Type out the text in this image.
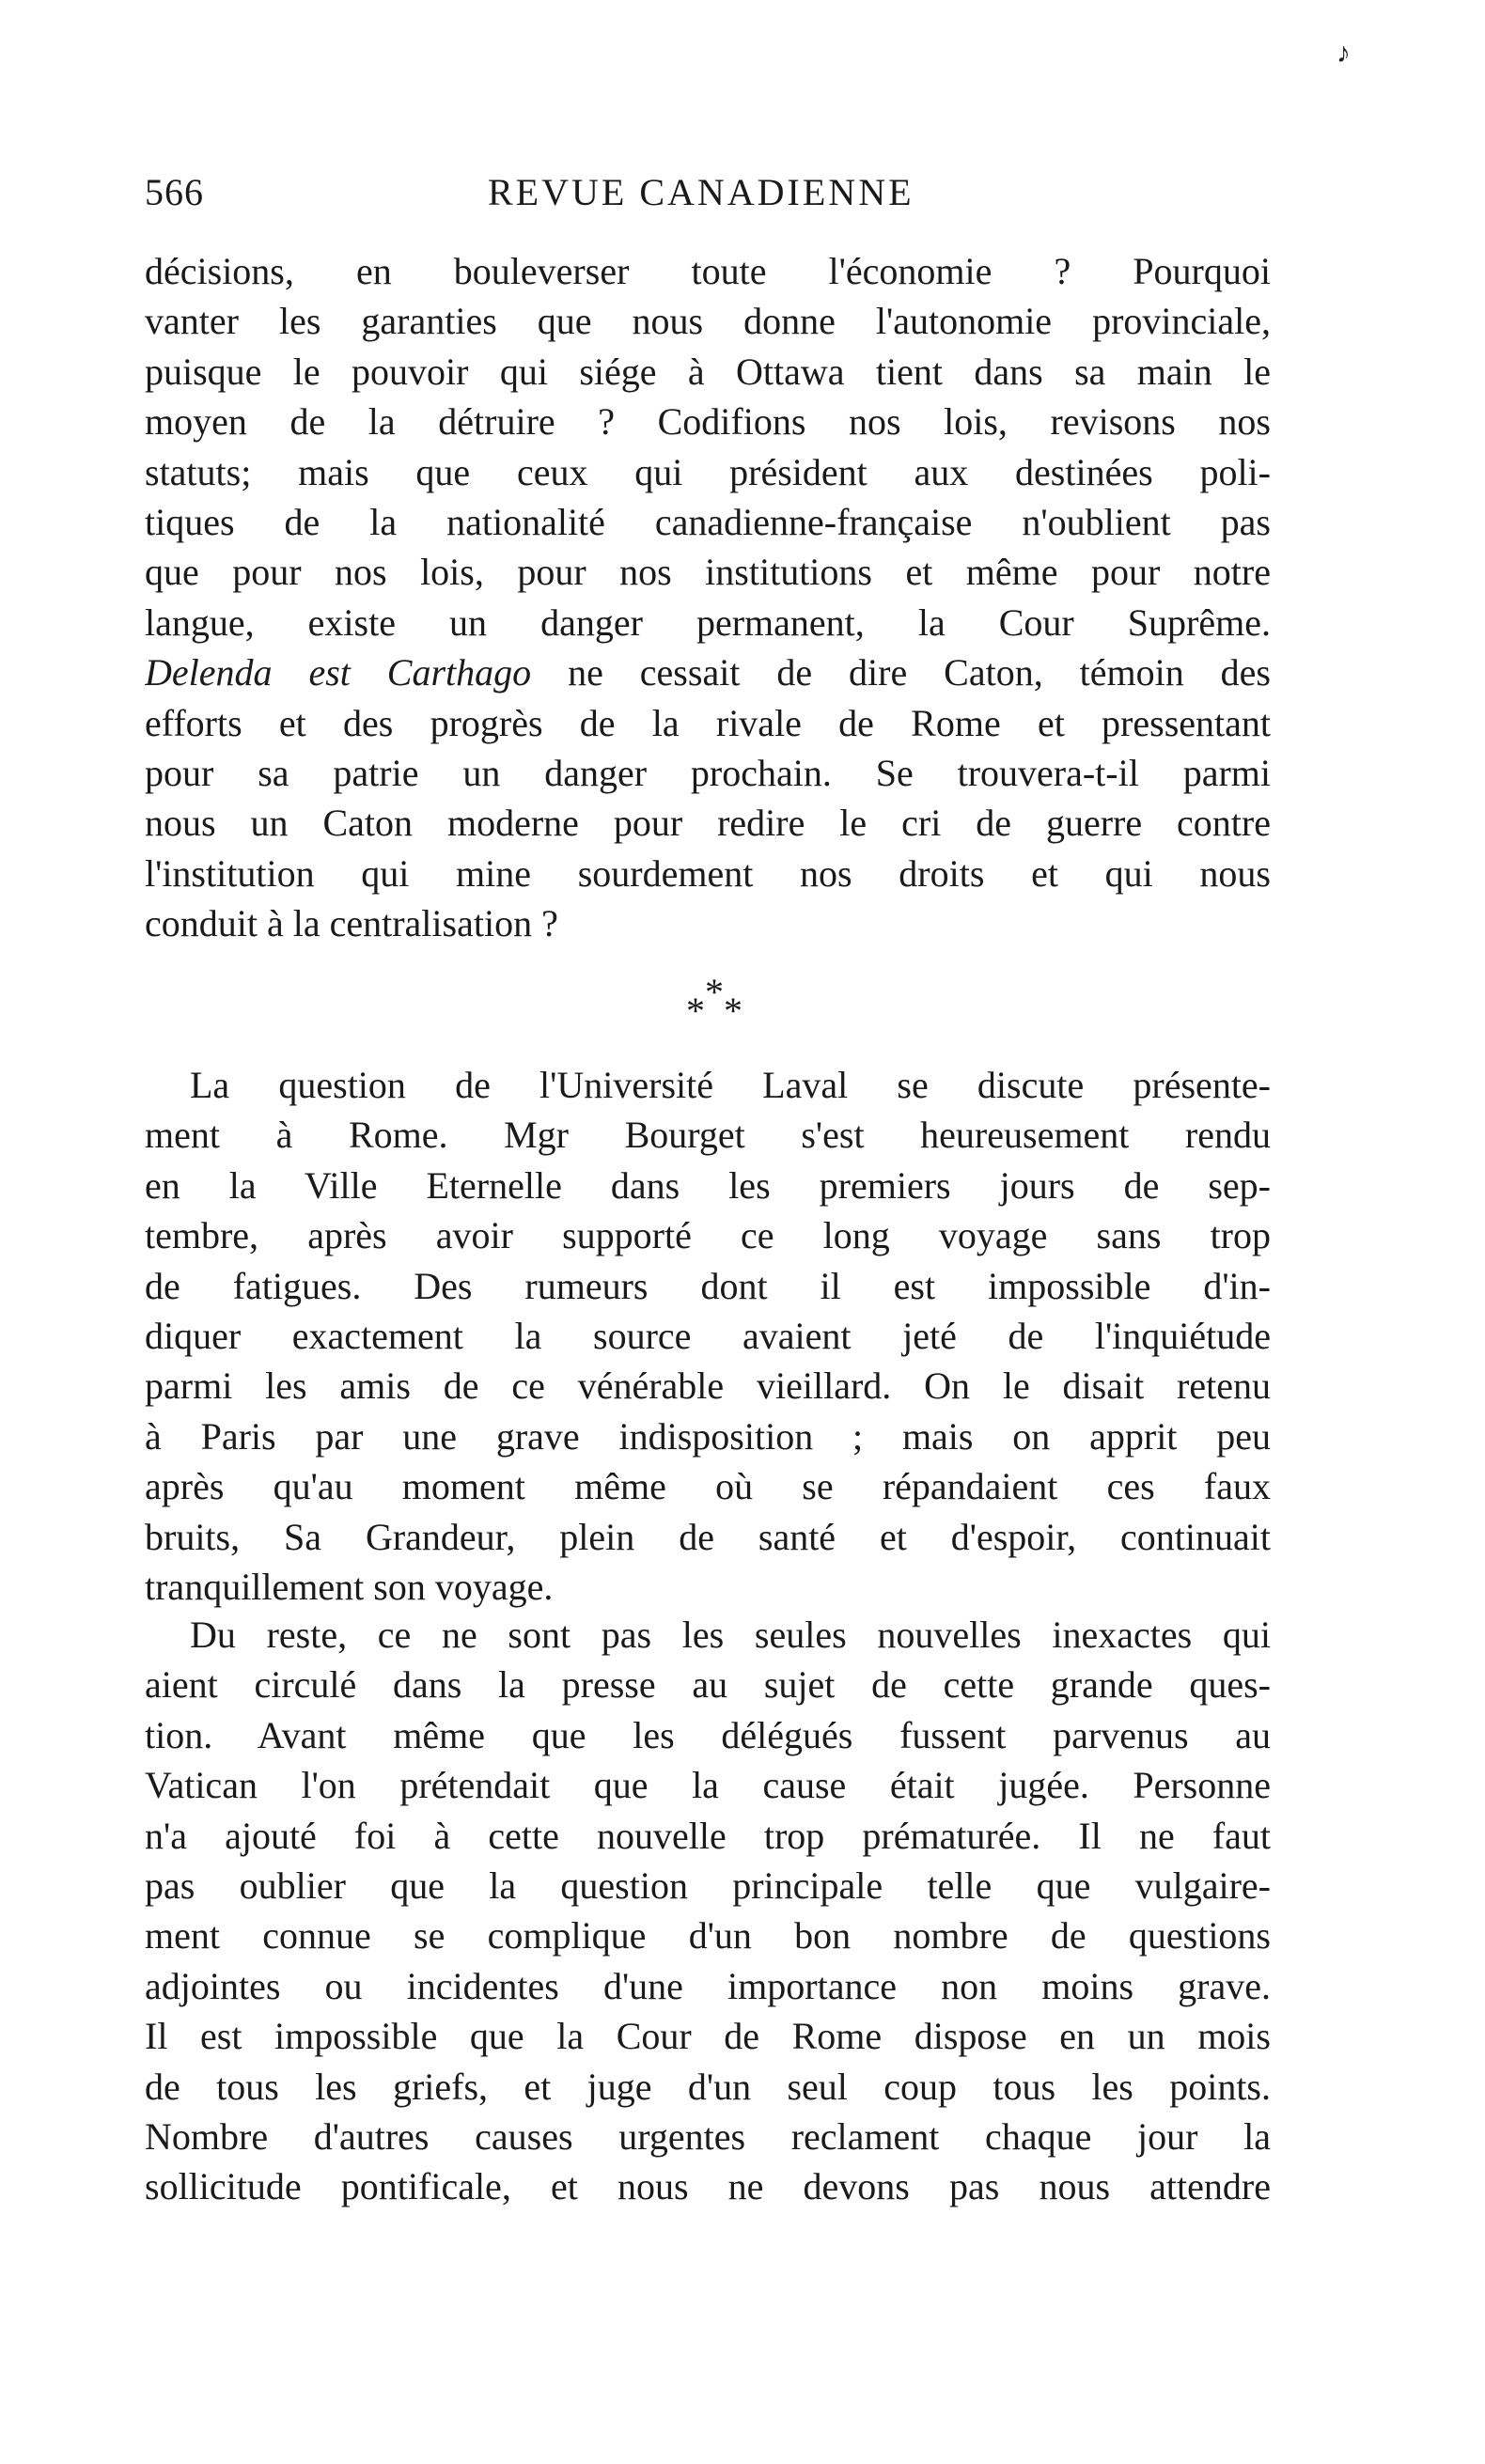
♪
566	REVUE CANADIENNE
décisions, en bouleverser toute l'économie ? Pourquoi
vanter les garanties que nous donne l'autonomie provinciale,
puisque le pouvoir qui siége à Ottawa tient dans sa main le
moyen de la détruire ? Codifions nos lois, revisons nos
statuts; mais que ceux qui président aux destinées poli-
tiques de la nationalité canadienne-française n'oublient pas
que pour nos lois, pour nos institutions et même pour notre
langue, existe un danger permanent, la Cour Suprême.
Delenda est Carthago ne cessait de dire Caton, témoin des
efforts et des progrès de la rivale de Rome et pressentant
pour sa patrie un danger prochain. Se trouvera-t-il parmi
nous un Caton moderne pour redire le cri de guerre contre
l'institution qui mine sourdement nos droits et qui nous
conduit à la centralisation ?
***
La question de l'Université Laval se discute présente-
ment à Rome. Mgr Bourget s'est heureusement rendu
en la Ville Eternelle dans les premiers jours de sep-
tembre, après avoir supporté ce long voyage sans trop
de fatigues. Des rumeurs dont il est impossible d'in-
diquer exactement la source avaient jeté de l'inquiétude
parmi les amis de ce vénérable vieillard. On le disait retenu
à Paris par une grave indisposition ; mais on apprit peu
après qu'au moment même où se répandaient ces faux
bruits, Sa Grandeur, plein de santé et d'espoir, continuait
tranquillement son voyage.
Du reste, ce ne sont pas les seules nouvelles inexactes qui
aient circulé dans la presse au sujet de cette grande ques-
tion. Avant même que les délégués fussent parvenus au
Vatican l'on prétendait que la cause était jugée. Personne
n'a ajouté foi à cette nouvelle trop prématurée. Il ne faut
pas oublier que la question principale telle que vulgaire-
ment connue se complique d'un bon nombre de questions
adjointes ou incidentes d'une importance non moins grave.
Il est impossible que la Cour de Rome dispose en un mois
de tous les griefs, et juge d'un seul coup tous les points.
Nombre d'autres causes urgentes reclament chaque jour la
sollicitude pontificale, et nous ne devons pas nous attendre
